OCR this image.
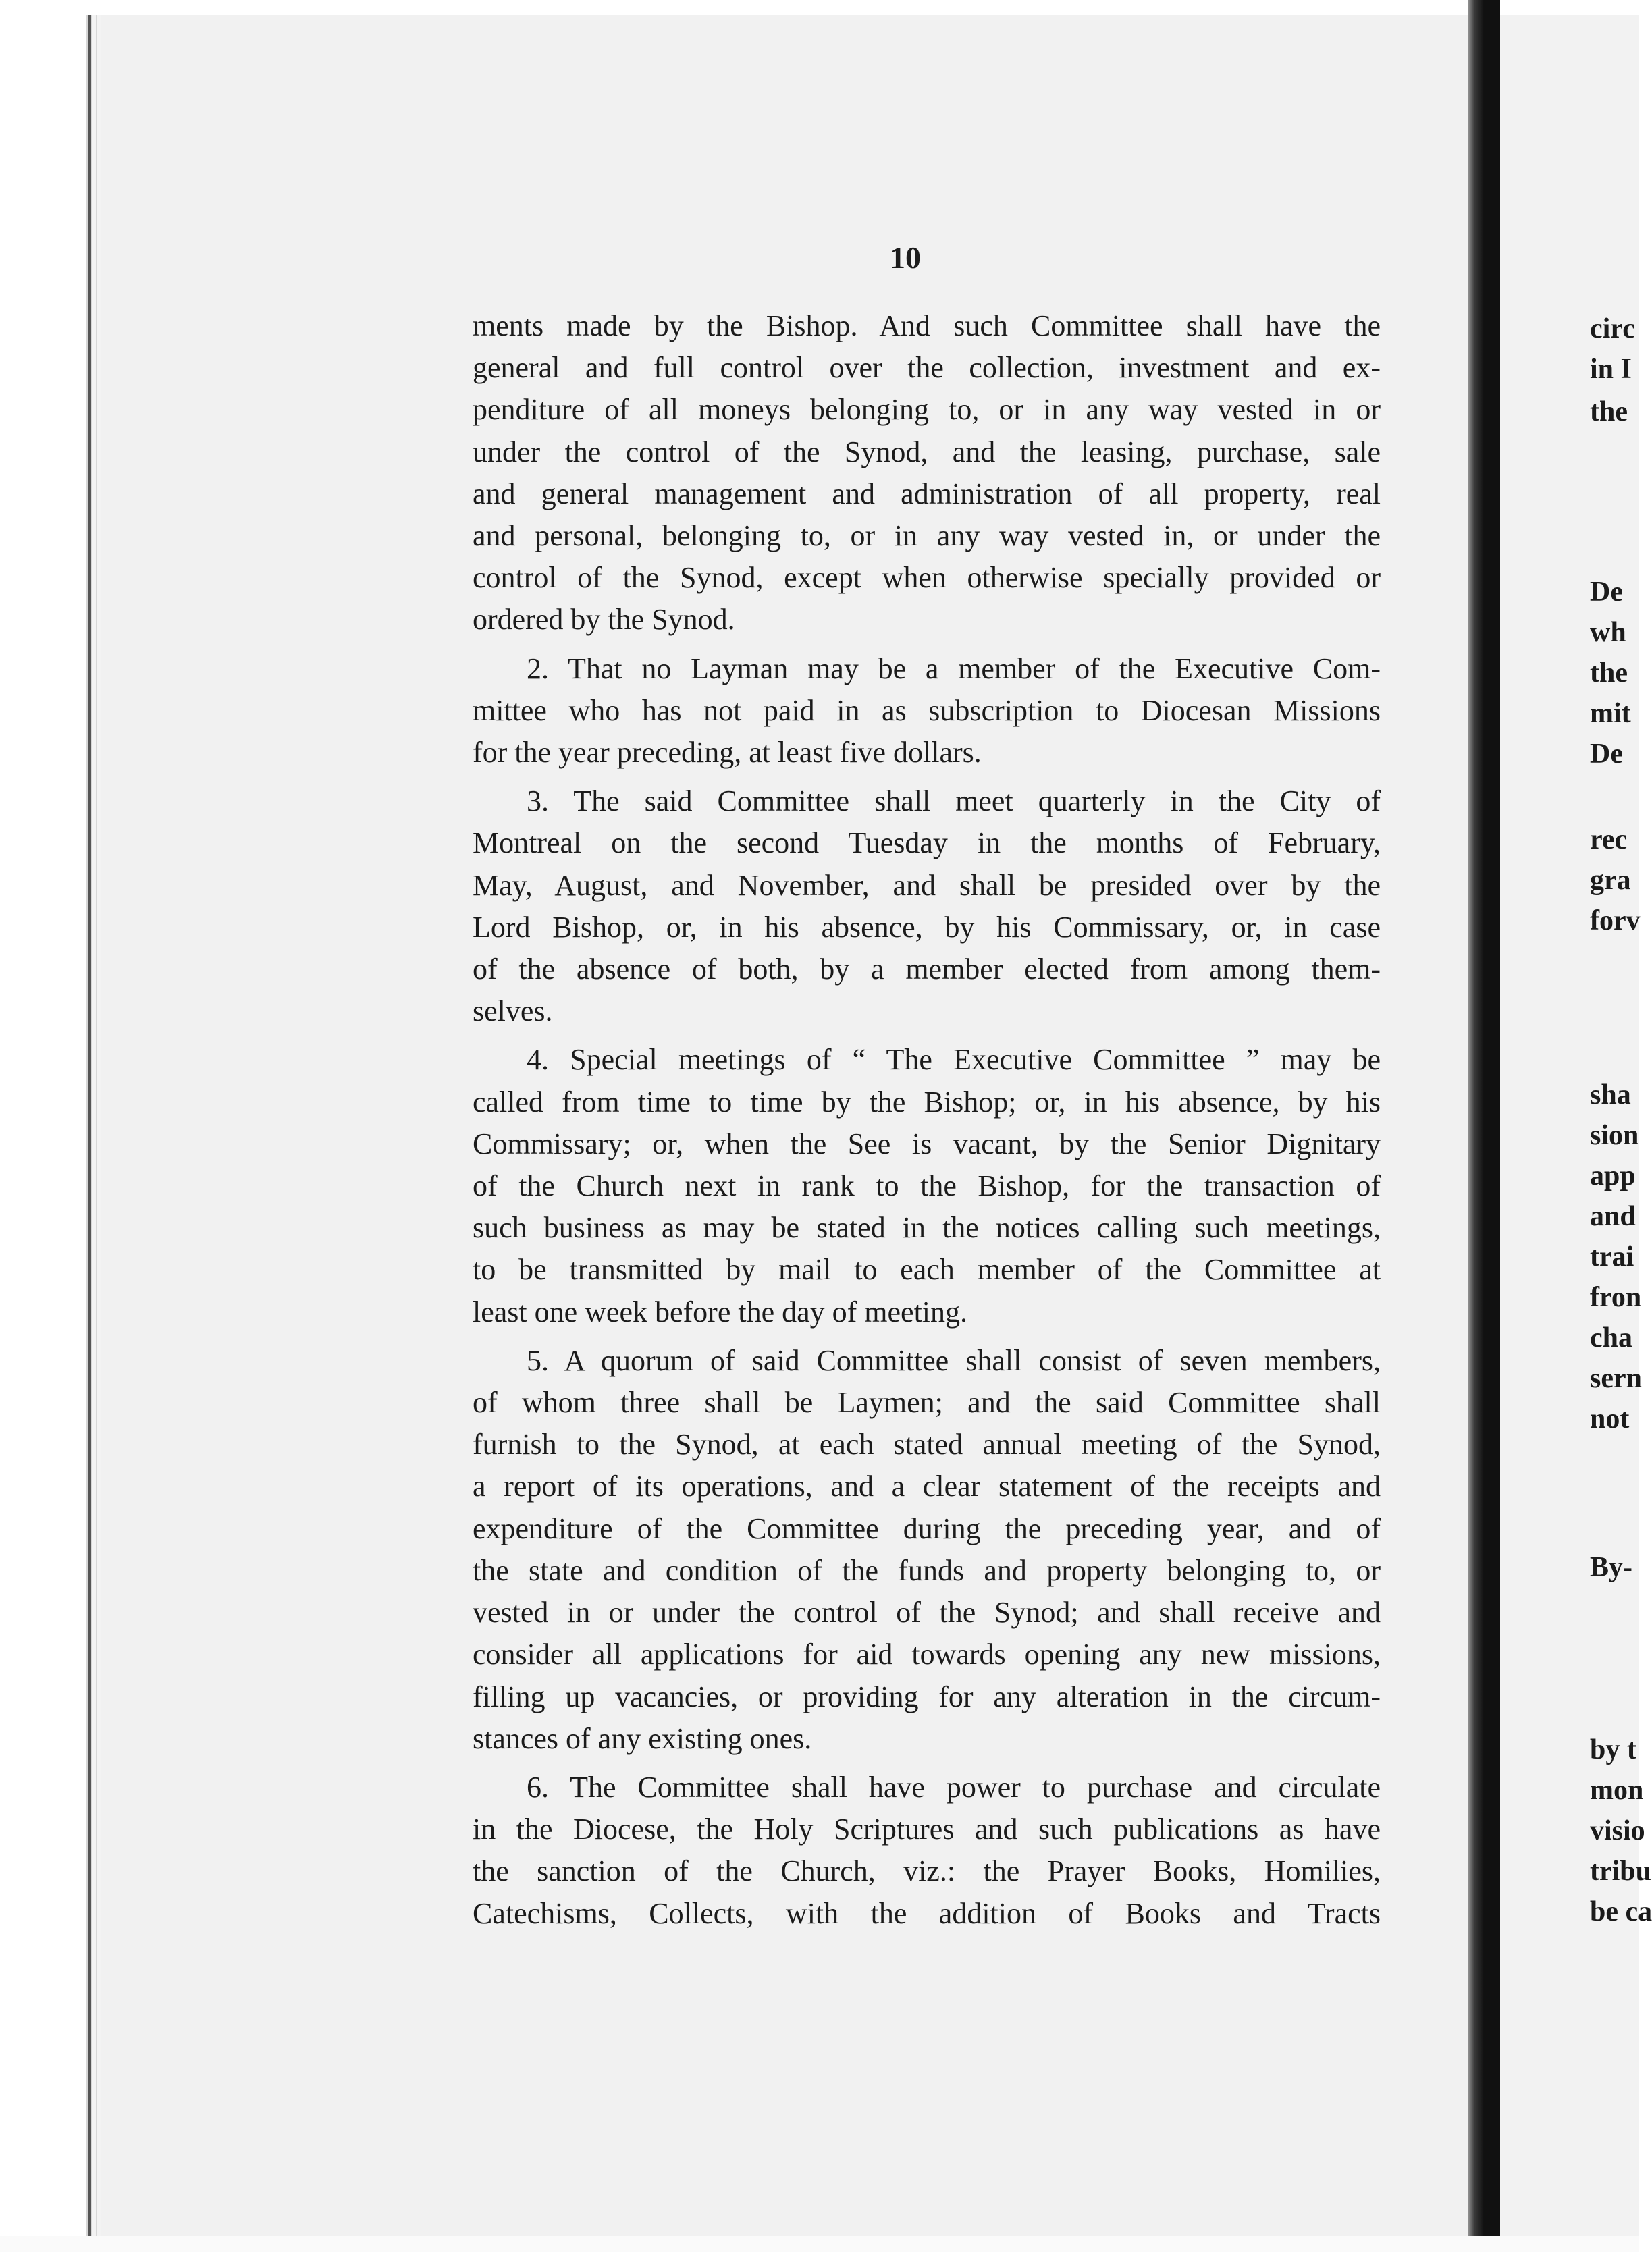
10
ments made by the Bishop. And such Committee shall have the
general and full control over the collection, investment and ex-
penditure of all moneys belonging to, or in any way vested in or
under the control of the Synod, and the leasing, purchase, sale
and general management and administration of all property, real
and personal, belonging to, or in any way vested in, or under the
control of the Synod, except when otherwise specially provided or
ordered by the Synod.
2. That no Layman may be a member of the Executive Com-
mittee who has not paid in as subscription to Diocesan Missions
for the year preceding, at least five dollars.
3. The said Committee shall meet quarterly in the City of
Montreal on the second Tuesday in the months of February,
May, August, and November, and shall be presided over by the
Lord Bishop, or, in his absence, by his Commissary, or, in case
of the absence of both, by a member elected from among them-
selves.
4. Special meetings of “ The Executive Committee ” may be
called from time to time by the Bishop; or, in his absence, by his
Commissary; or, when the See is vacant, by the Senior Dignitary
of the Church next in rank to the Bishop, for the transaction of
such business as may be stated in the notices calling such meetings,
to be transmitted by mail to each member of the Committee at
least one week before the day of meeting.
5. A quorum of said Committee shall consist of seven members,
of whom three shall be Laymen; and the said Committee shall
furnish to the Synod, at each stated annual meeting of the Synod,
a report of its operations, and a clear statement of the receipts and
expenditure of the Committee during the preceding year, and of
the state and condition of the funds and property belonging to, or
vested in or under the control of the Synod; and shall receive and
consider all applications for aid towards opening any new missions,
filling up vacancies, or providing for any alteration in the circum-
stances of any existing ones.
6. The Committee shall have power to purchase and circulate
in the Diocese, the Holy Scriptures and such publications as have
the sanction of the Church, viz.: the Prayer Books, Homilies,
Catechisms, Collects, with the addition of Books and Tracts
circ
in I
the
De
wh
the
mit
De
rec
gra
forv
sha
sion
app
and
trai
fron
cha
sern
not
By-
by t
mon
visio
tribu
be ca
